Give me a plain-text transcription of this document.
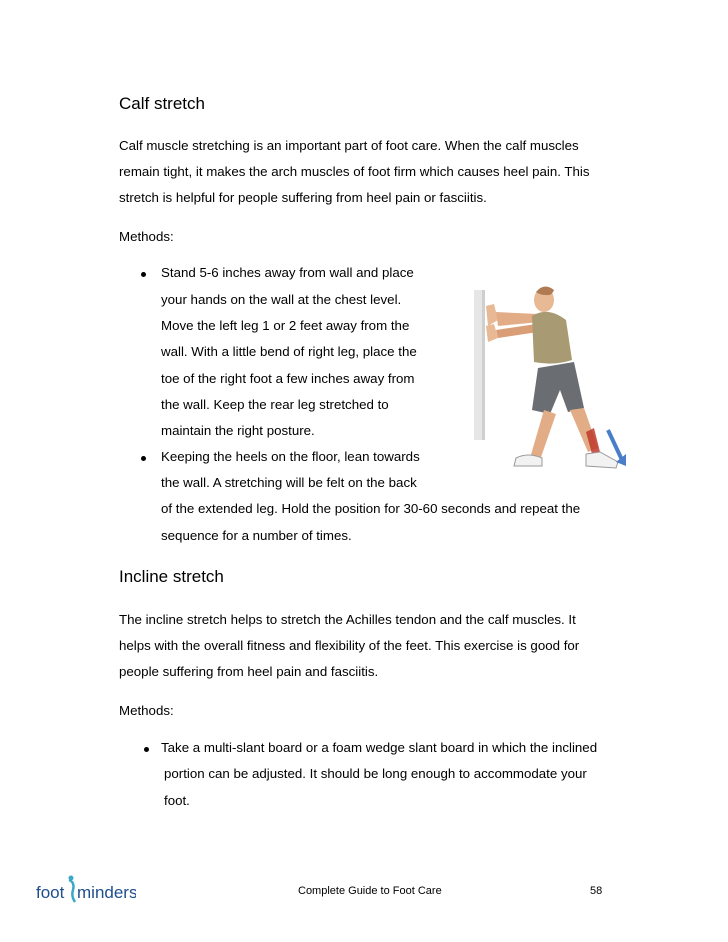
Calf stretch
Calf muscle stretching is an important part of foot care. When the calf muscles
remain tight, it makes the arch muscles of foot firm which causes heel pain. This
stretch is helpful for people suffering from heel pain or fasciitis.
Methods:
Stand 5-6 inches away from wall and place
your hands on the wall at the chest level.
Move the left leg 1 or 2 feet away from the
wall. With a little bend of right leg, place the
toe of the right foot a few inches away from
the wall. Keep the rear leg stretched to
maintain the right posture.
Keeping the heels on the floor, lean towards
the wall. A stretching will be felt on the back
of the extended leg. Hold the position for 30-60 seconds and repeat the
sequence for a number of times.
Incline stretch
The incline stretch helps to stretch the Achilles tendon and the calf muscles. It
helps with the overall fitness and flexibility of the feet. This exercise is good for
people suffering from heel pain and fasciitis.
Methods:
Take a multi-slant board or a foam wedge slant board in which the inclined
portion can be adjusted. It should be long enough to accommodate your
foot.
foot minders	Complete Guide to Foot Care	58
